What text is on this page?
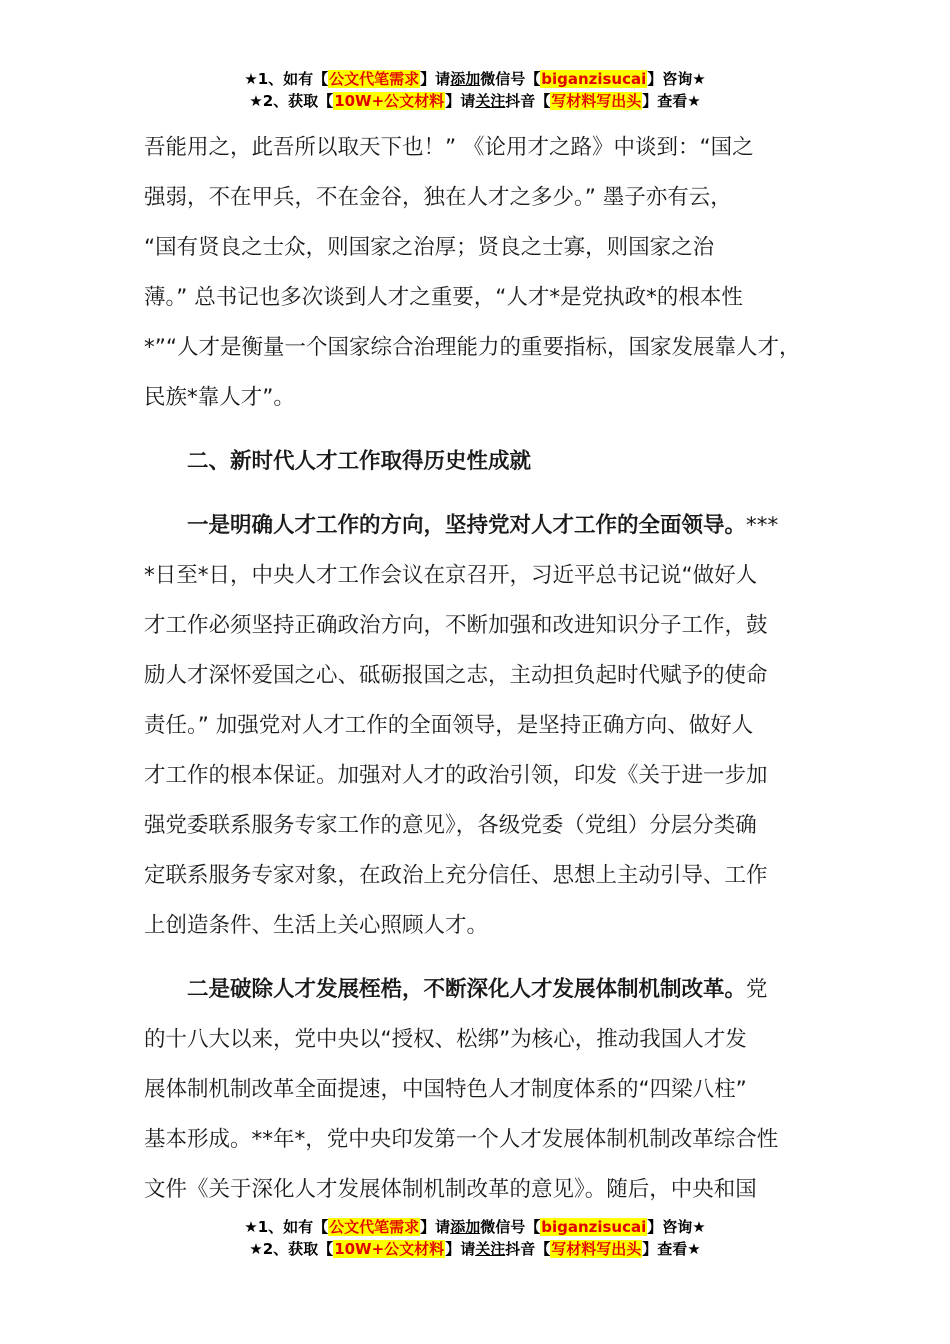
★1、如有【公文代笔需求】请添加微信号【biganzisucai】咨询★
★2、获取【10W+公文材料】请关注抖音【写材料写出头】查看★
吾能用之，此吾所以取天下也！” 《论用才之路》中谈到：“国之
强弱，不在甲兵，不在金谷，独在人才之多少。” 墨子亦有云，
“国有贤良之士众，则国家之治厚；贤良之士寡，则国家之治
薄。” 总书记也多次谈到人才之重要，“人才*是党执政*的根本性
*”“人才是衡量一个国家综合治理能力的重要指标，国家发展靠人才，
民族*靠人才”。
二、新时代人才工作取得历史性成就
一是明确人才工作的方向，坚持党对人才工作的全面领导。***
*日至*日，中央人才工作会议在京召开，习近平总书记说“做好人
才工作必须坚持正确政治方向，不断加强和改进知识分子工作，鼓
励人才深怀爱国之心、砥砺报国之志，主动担负起时代赋予的使命
责任。” 加强党对人才工作的全面领导，是坚持正确方向、做好人
才工作的根本保证。加强对人才的政治引领，印发《关于进一步加
强党委联系服务专家工作的意见》，各级党委（党组）分层分类确
定联系服务专家对象，在政治上充分信任、思想上主动引导、工作
上创造条件、生活上关心照顾人才。
二是破除人才发展桎梏，不断深化人才发展体制机制改革。党
的十八大以来，党中央以“授权、松绑”为核心，推动我国人才发
展体制机制改革全面提速，中国特色人才制度体系的“四梁八柱”
基本形成。**年*，党中央印发第一个人才发展体制机制改革综合性
文件《关于深化人才发展体制机制改革的意见》。随后，中央和国
★1、如有【公文代笔需求】请添加微信号【biganzisucai】咨询★
★2、获取【10W+公文材料】请关注抖音【写材料写出头】查看★
